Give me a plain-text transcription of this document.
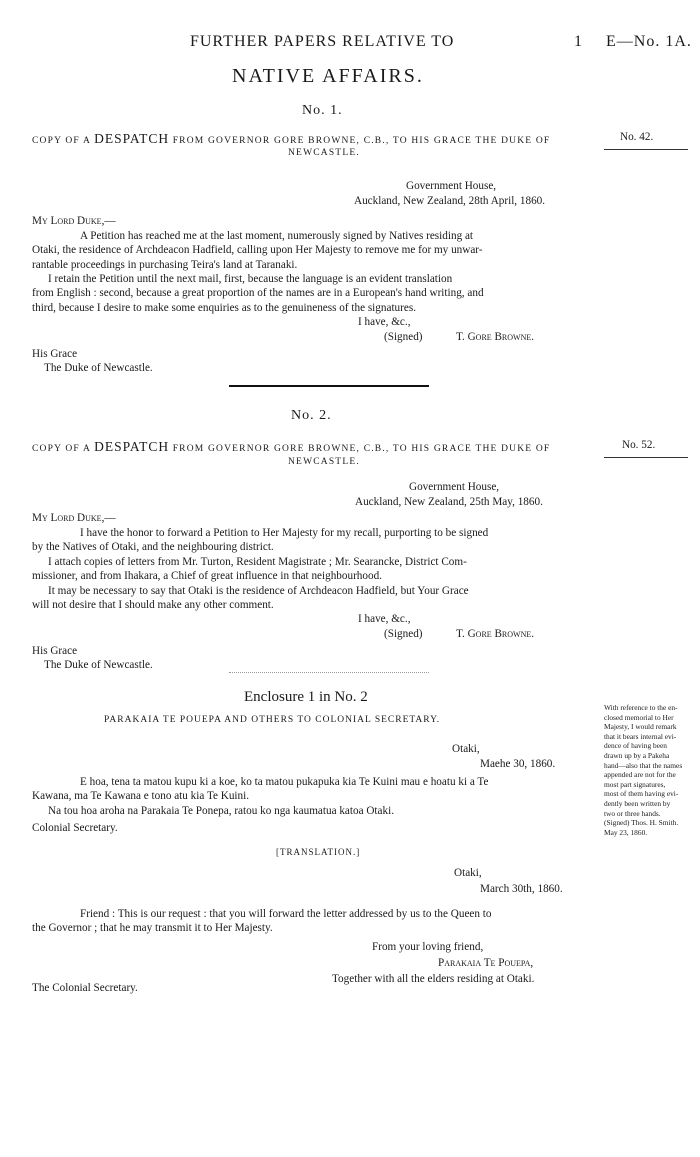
FURTHER PAPERS RELATIVE TO	1 E—No. 1A.
NATIVE AFFAIRS.
No. 1.
COPY OF A DESPATCH FROM GOVERNOR GORE BROWNE, C.B., TO HIS GRACE THE DUKE OF
NEWCASTLE.
No. 42.
Government House,
Auckland, New Zealand, 28th April, 1860.
My Lord Duke,—
A Petition has reached me at the last moment, numerously signed by Natives residing at
Otaki, the residence of Archdeacon Hadfield, calling upon Her Majesty to remove me for my unwar-
rantable proceedings in purchasing Teira's land at Taranaki.
I retain the Petition until the next mail, first, because the language is an evident translation
from English : second, because a great proportion of the names are in a European's hand writing, and
third, because I desire to make some enquiries as to the genuineness of the signatures.
I have, &c.,
(Signed)	T. Gore Browne.
His Grace
The Duke of Newcastle.
No. 2.
COPY OF A DESPATCH FROM GOVERNOR GORE BROWNE, C.B., TO HIS GRACE THE DUKE OF
NEWCASTLE.
No. 52.
Government House,
Auckland, New Zealand, 25th May, 1860.
My Lord Duke,—
I have the honor to forward a Petition to Her Majesty for my recall, purporting to be signed
by the Natives of Otaki, and the neighbouring district.
I attach copies of letters from Mr. Turton, Resident Magistrate ; Mr. Searancke, District Com-
missioner, and from Ihakara, a Chief of great influence in that neighbourhood.
It may be necessary to say that Otaki is the residence of Archdeacon Hadfield, but Your Grace
will not desire that I should make any other comment.
I have, &c.,
(Signed)	T. Gore Browne.
His Grace
The Duke of Newcastle.
Enclosure 1 in No. 2
PARAKAIA TE POUEPA AND OTHERS TO COLONIAL SECRETARY.
Otaki,
Maehe 30, 1860.
E hoa, tena ta matou kupu ki a koe, ko ta matou pukapuka kia Te Kuini mau e hoatu ki a Te
Kawana, ma Te Kawana e tono atu kia Te Kuini.
Na tou hoa aroha na Parakaia Te Ponepa, ratou ko nga kaumatua katoa Otaki.
Colonial Secretary.
[TRANSLATION.]
Otaki,
March 30th, 1860.
Friend : This is our request : that you will forward the letter addressed by us to the Queen to
the Governor ; that he may transmit it to Her Majesty.
From your loving friend,
Parakaia Te Pouepa,
Together with all the elders residing at Otaki.
The Colonial Secretary.
With reference to the en-
closed memorial to Her
Majesty, I would remark
that it bears internal evi-
dence of having been
drawn up by a Pakeha
hand—also that the names
appended are not for the
most part signatures,
most of them having evi-
dently been written by
two or three hands.
(Signed) Thos. H. Smith.
May 23, 1860.
